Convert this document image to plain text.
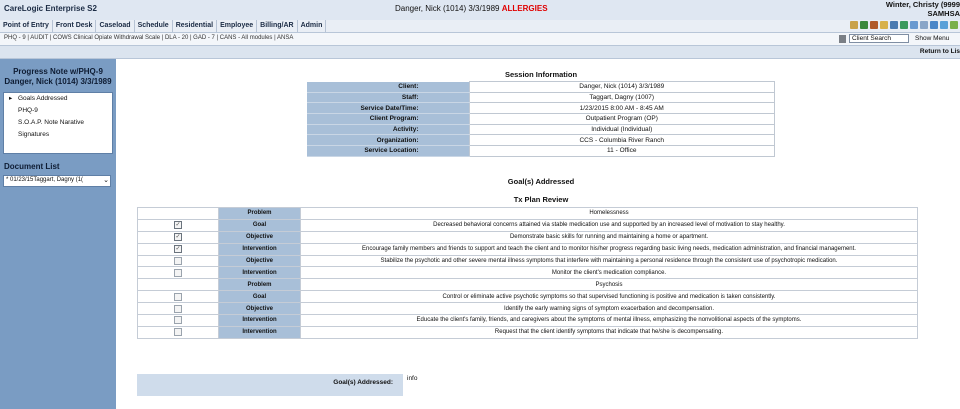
CareLogic Enterprise S2	Danger, Nick (1014) 3/3/1989 ALLERGIES	Winter, Christy (9999
SAMHSA
Point of Entry	Front Desk	Caseload	Schedule	Residential	Employee	Billing/AR	Admin
PHQ - 9 | AUDIT | COWS Clinical Opiate Withdrawal Scale | DLA - 20 | GAD - 7 | CANS - All modules | ANSA	Client Search	Show Menu
Return to Lis
Progress Note w/PHQ-9
Danger, Nick (1014) 3/3/1989
▸ Goals Addressed
PHQ-9
S.O.A.P. Note Narative
Signatures
Document List
* 01/23/15Taggart, Dagny (1(	⌄
Session Information
Client:	Danger, Nick (1014) 3/3/1989
Staff:	Taggart, Dagny (1007)
Service Date/Time:	1/23/2015 8:00 AM - 8:45 AM
Client Program:	Outpatient Program (OP)
Activity:	Individual (Individual)
Organization:	CCS - Columbia River Ranch
Service Location:	11 - Office
Goal(s) Addressed
Tx Plan Review
	Problem	Homelessness
✓	Goal	Decreased behavioral concerns attained via stable medication use and supported by an increased level of motivation to stay healthy.
✓	Objective	Demonstrate basic skills for running and maintaining a home or apartment.
✓	Intervention	Encourage family members and friends to support and teach the client and to monitor his/her progress regarding basic living needs, medication administration, and financial management.
	Objective	Stabilize the psychotic and other severe mental illness symptoms that interfere with maintaining a personal residence through the consistent use of psychotropic medication.
	Intervention	Monitor the client's medication compliance.
	Problem	Psychosis
	Goal	Control or eliminate active psychotic symptoms so that supervised functioning is positive and medication is taken consistently.
	Objective	Identify the early warning signs of symptom exacerbation and decompensation.
	Intervention	Educate the client's family, friends, and caregivers about the symptoms of mental illness, emphasizing the nonvolitional aspects of the symptoms.
	Intervention	Request that the client identify symptoms that indicate that he/she is decompensating.
Goal(s) Addressed:
info
